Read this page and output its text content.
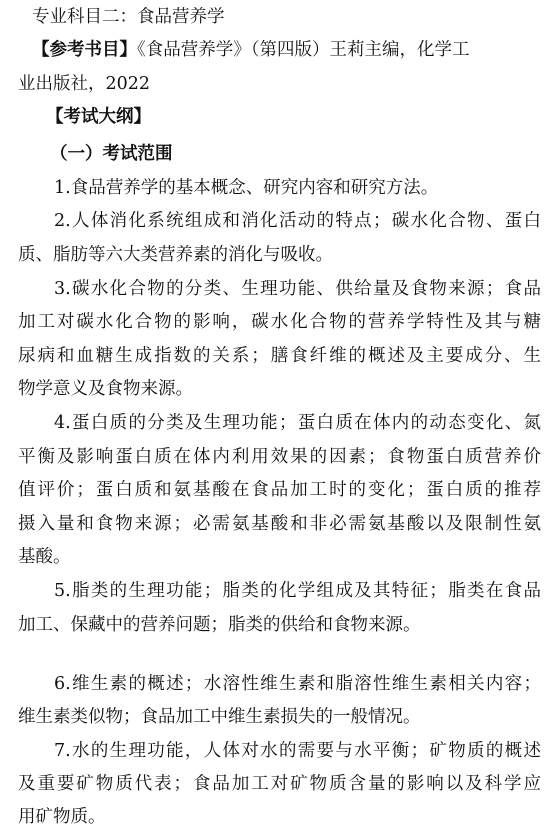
专业科目二：食品营养学
【参考书目】《食品营养学》（第四版）王莉主编，化学工
业出版社，2022
【考试大纲】
（一）考试范围
1.食品营养学的基本概念、研究内容和研究方法。
2.人体消化系统组成和消化活动的特点；碳水化合物、蛋白
质、脂肪等六大类营养素的消化与吸收。
3.碳水化合物的分类、生理功能、供给量及食物来源；食品
加工对碳水化合物的影响，碳水化合物的营养学特性及其与糖
尿病和血糖生成指数的关系；膳食纤维的概述及主要成分、生
物学意义及食物来源。
4.蛋白质的分类及生理功能；蛋白质在体内的动态变化、氮
平衡及影响蛋白质在体内利用效果的因素；食物蛋白质营养价
值评价；蛋白质和氨基酸在食品加工时的变化；蛋白质的推荐
摄入量和食物来源；必需氨基酸和非必需氨基酸以及限制性氨
基酸。
5.脂类的生理功能；脂类的化学组成及其特征；脂类在食品
加工、保藏中的营养问题；脂类的供给和食物来源。
6.维生素的概述；水溶性维生素和脂溶性维生素相关内容；
维生素类似物；食品加工中维生素损失的一般情况。
7.水的生理功能，人体对水的需要与水平衡；矿物质的概述
及重要矿物质代表；食品加工对矿物质含量的影响以及科学应
用矿物质。
